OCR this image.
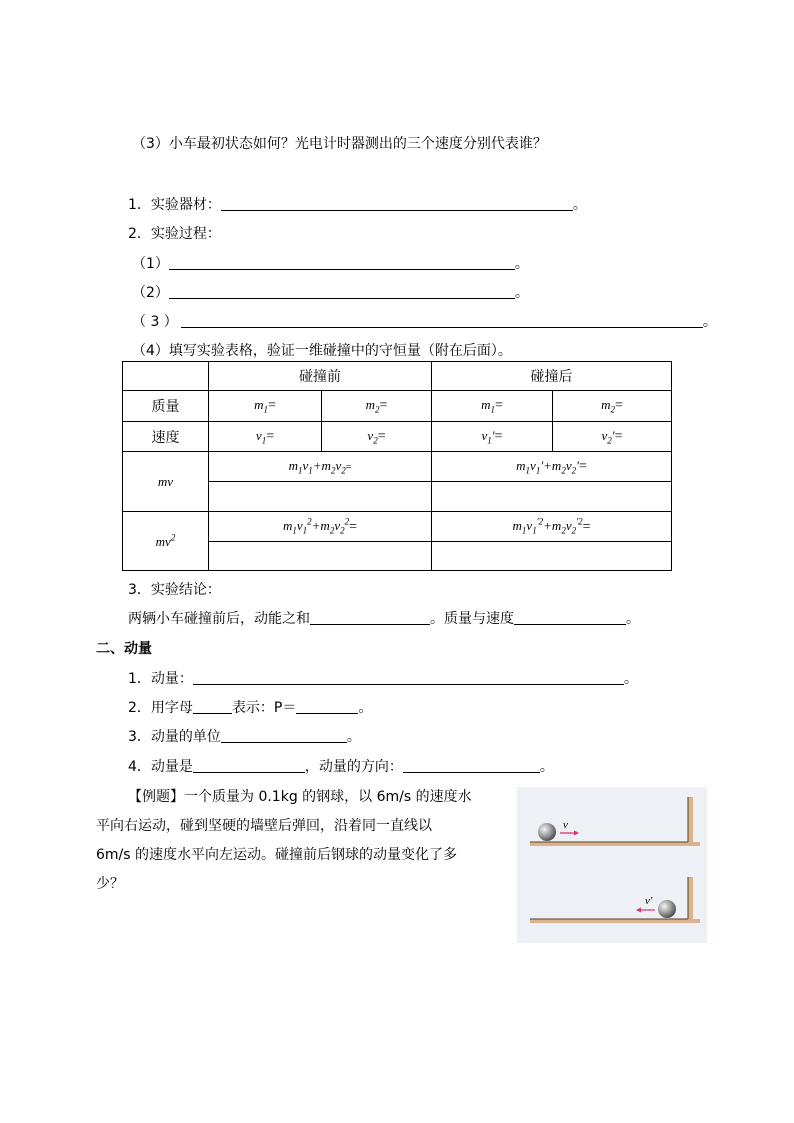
（3）小车最初状态如何？光电计时器测出的三个速度分别代表谁？
1．实验器材：	。
2．实验过程：
（1）	。
（2）	。
（ 3 ）	。
（4）填写实验表格，验证一维碰撞中的守恒量（附在后面）。
	碰撞前		碰撞后	
质量	$m_1=$	$m_2=$	$m_1=$	$m_2=$
速度	$v_1=$	$v_2=$	$v_1'=$	$v_2'=$
mv	$m_1v_1+m_2v_2=$		$m_1v_1'+m_2v_2'=$	

$mv^2$	$m_1v_1^2+m_2v_2^2=$		$m_1v_1^{'2}+m_2v_2^{'2}=$	

3．实验结论：
两辆小车碰撞前后，动能之和	。质量与速度	。
二、动量
1．动量：	。
2．用字母	表示：P＝	。
3．动量的单位	。
4．动量是	，动量的方向：	。
【例题】一个质量为 0.1kg 的钢球，以 6m/s 的速度水
平向右运动，碰到坚硬的墙壁后弹回，沿着同一直线以
6m/s 的速度水平向左运动。碰撞前后钢球的动量变化了多
少？
v
v′
